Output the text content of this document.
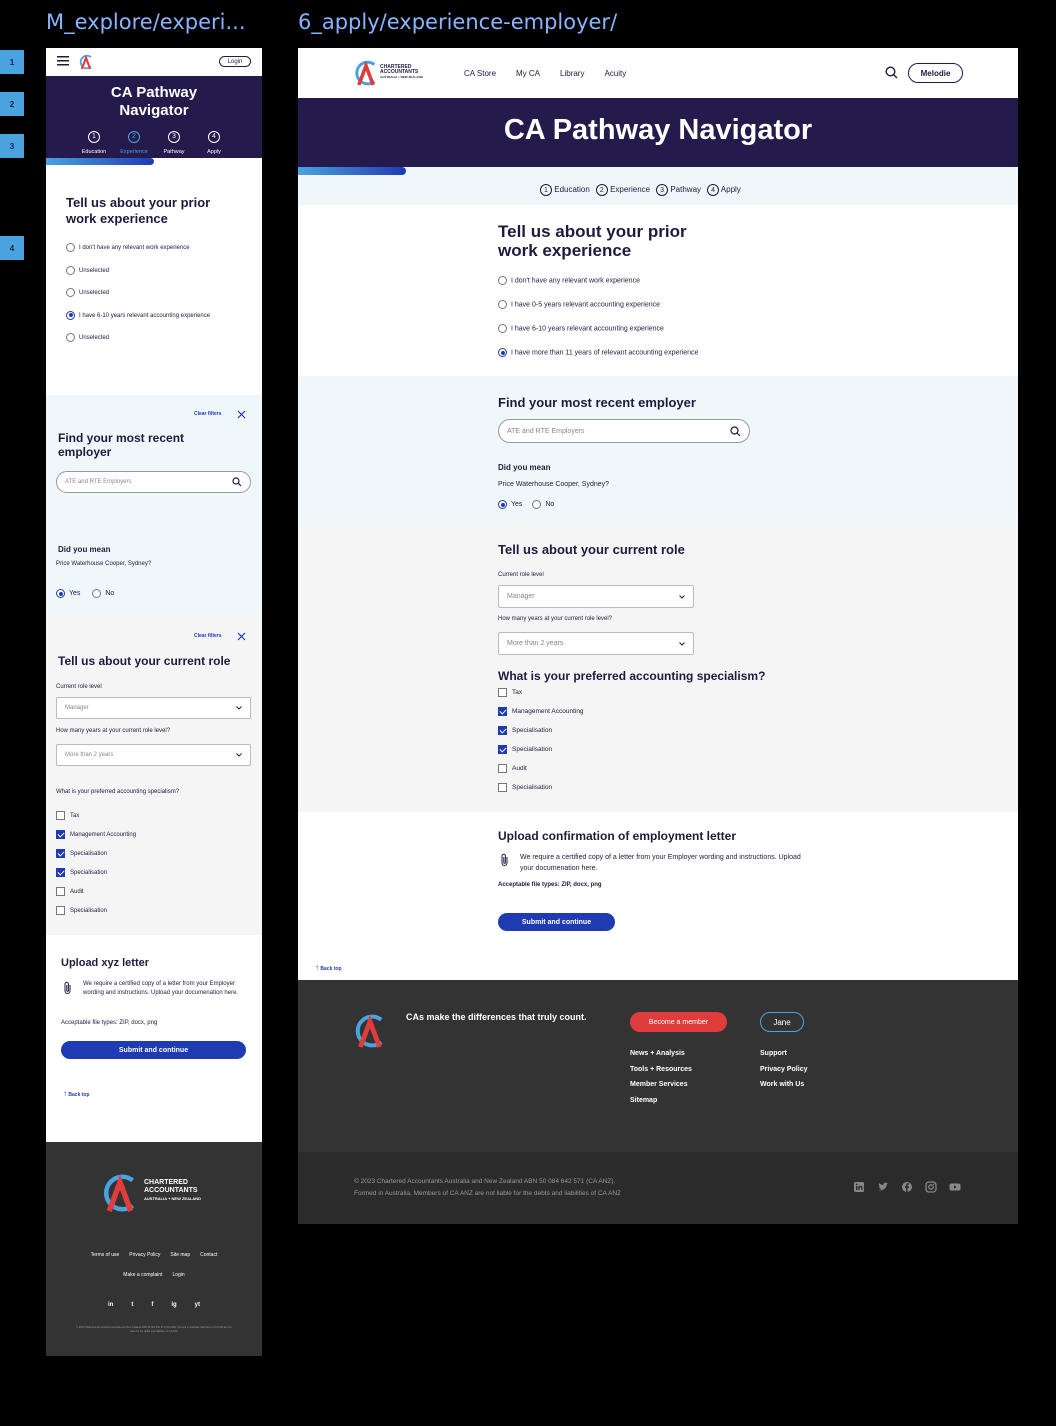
M_explore/experi...	6_apply/experience-employer/
1
2
3
4
Login
CA Pathway Navigator
1
Education
2
Experience
3
Pathway
4
Apply
Tell us about your prior work experience
I don't have any relevant work experience
Unselected
Unselected
I have 6-10 years relevant accounting experience
Unselected
Clear filters
Find your most recent employer
ATE and RTE Employers
Did you mean
Price Waterhouse Cooper, Sydney?
Yes	No
Clear filters
Tell us about your current role
Current role level
Manager
How many years at your current role level?
More than 2 years
What is your preferred accounting specialism?
Tax
Management Accounting
Specialisation
Specialisation
Audit
Specialisation
Upload xyz letter
We require a certified copy of a letter from your Employer wording and instructions. Upload your documenation here.
Acceptable file types: ZIP, docx, png
Submit and continue
↑ Back top
CHARTERED
ACCOUNTANTS
AUSTRALIA + NEW ZEALAND
Terms of use Privacy Policy Site map Contact
Make a complaint Login
in	t	f	ig	yt
© 2023 Chartered Accountants Australia and New Zealand ABN 50 084 642 571 (CA ANZ). Formed in Australia. Members of CA ANZ are not liable for the debts and liabilities of CA ANZ.
CHARTERED
ACCOUNTANTS
AUSTRALIA + NEW ZEALAND	CA Store	My CA	Library	Acuity	Melodie
CA Pathway Navigator
1 Education 2 Experience 3 Pathway 4 Apply
Tell us about your prior work experience
I don't have any relevant work experience
I have 0-5 years relevant accounting experience
I have 6-10 years relevant accounting experience
I have more than 11 years of relevant accounting experience
Find your most recent employer
ATE and RTE Employers
Did you mean
Price Waterhouse Cooper, Sydney?
Yes	No
Tell us about your current role
Current role level
Manager
How many years at your current role level?
More than 2 years
What is your preferred accounting specialism?
Tax
Management Accounting
Specialisation
Specialisation
Audit
Specialisation
Upload confirmation of employment letter
We require a certified copy of a letter from your Employer wording and instructions. Upload your documenation here.
Acceptable file types: ZIP, docx, png
Submit and continue
↑ Back top
CAs make the differences that truly count.	Become a member	Jane
News + Analysis
Tools + Resources
Member Services
Sitemap
Support
Privacy Policy
Work with Us
© 2023 Chartered Accountants Australia and New Zealand ABN 50 084 642 571 (CA ANZ).
Formed in Australia. Members of CA ANZ are not liable for the debts and liabilities of CA ANZ
